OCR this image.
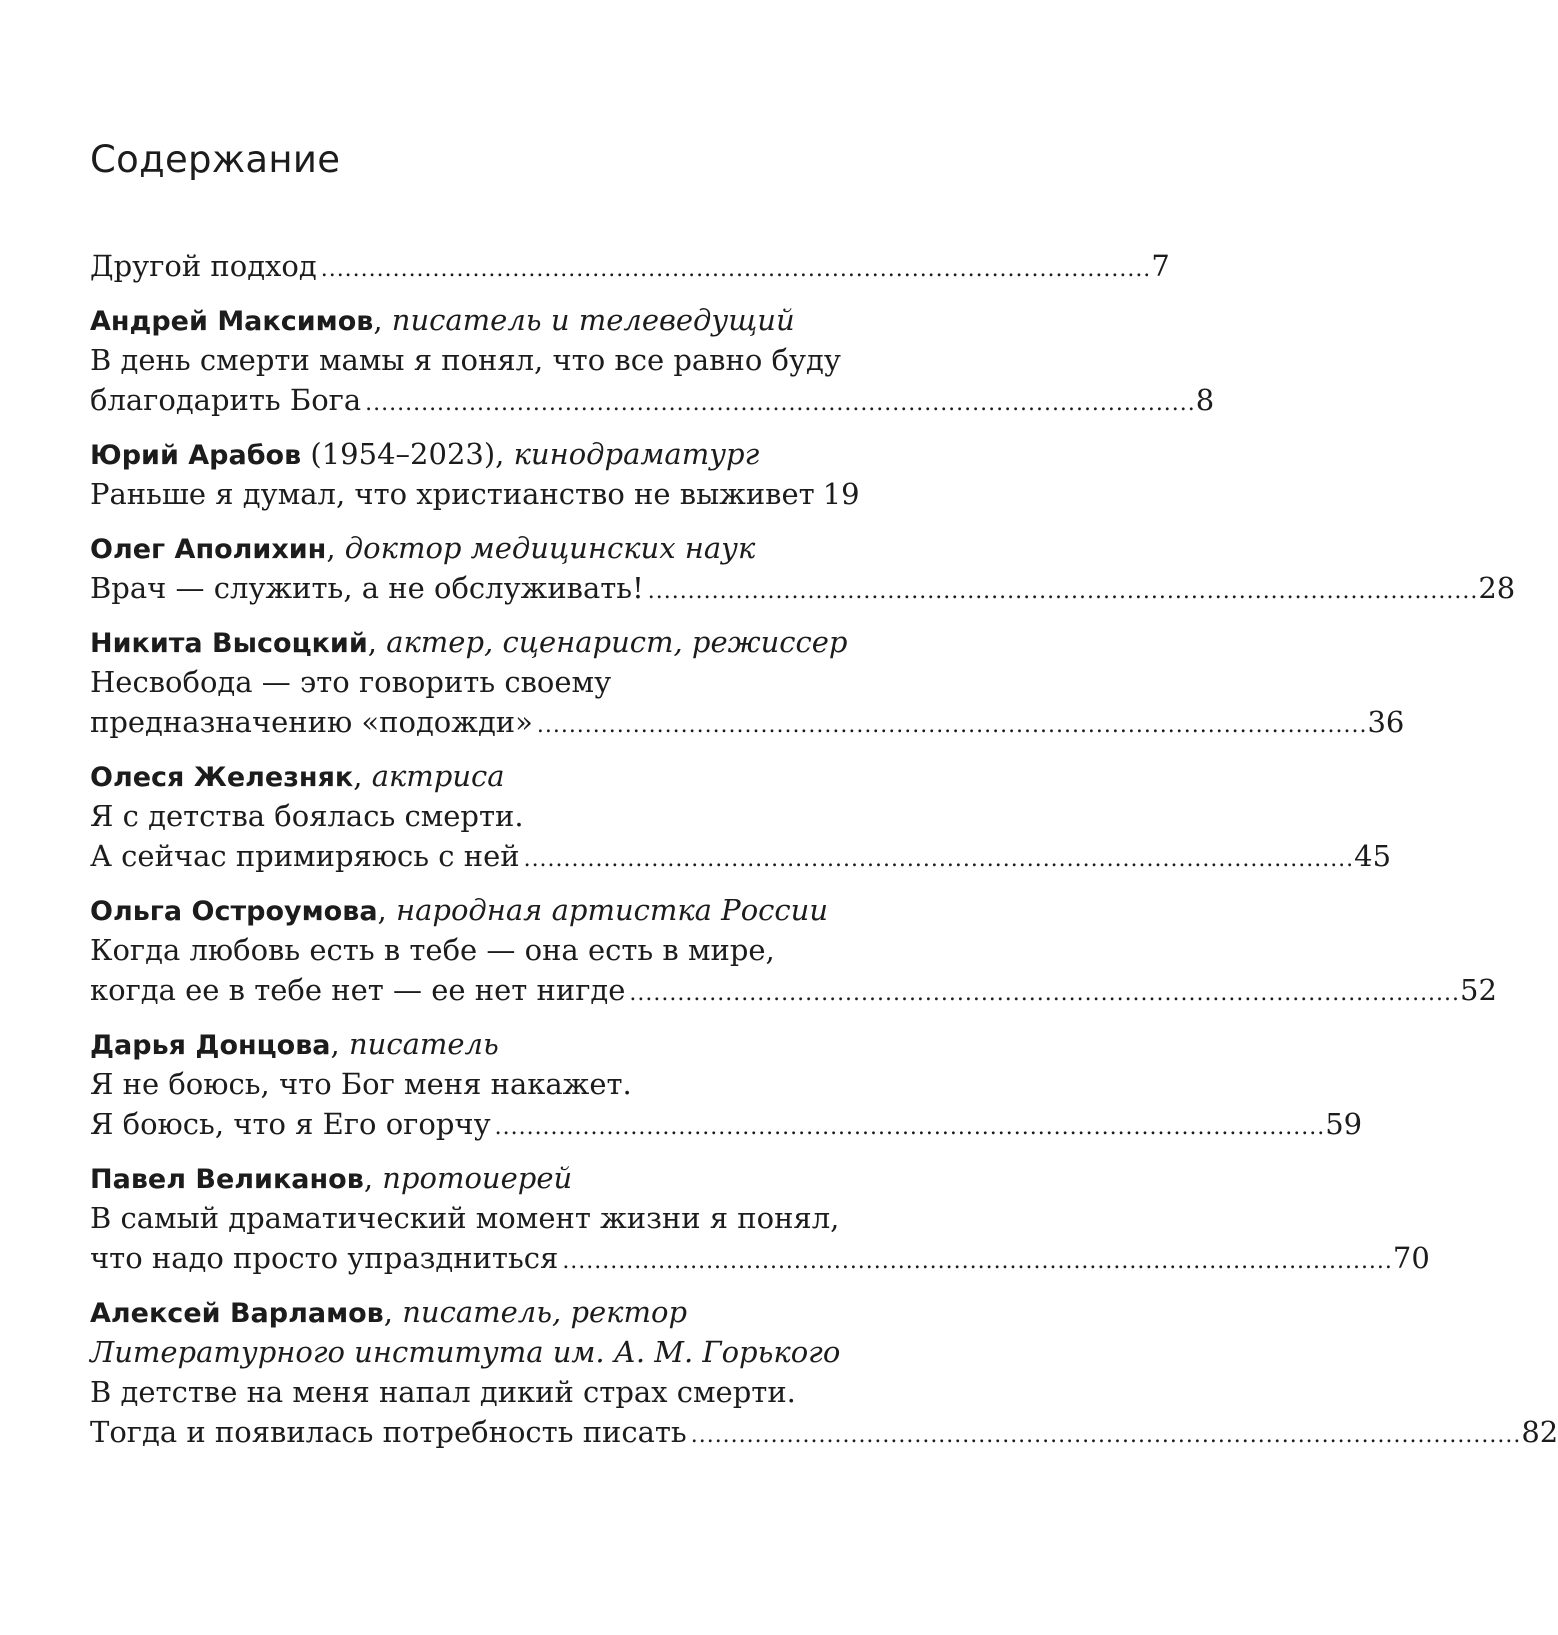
Содержание
Другой подход . . .	7
Андрей Максимов, писатель и телеведущий
В день смерти мамы я понял, что все равно буду
благодарить Бога . . .	8
Юрий Арабов (1954–2023), кинодраматург
Раньше я думал, что христианство не выживет 19
Олег Аполихин, доктор медицинских наук
Врач — служить, а не обслуживать! . . .	28
Никита Высоцкий, актер, сценарист, режиссер
Несвобода — это говорить своему
предназначению «подожди» . . .	36
Олеся Железняк, актриса
Я с детства боялась смерти.
А сейчас примиряюсь с ней . . .	45
Ольга Остроумова, народная артистка России
Когда любовь есть в тебе — она есть в мире,
когда ее в тебе нет — ее нет нигде . . .	52
Дарья Донцова, писатель
Я не боюсь, что Бог меня накажет.
Я боюсь, что я Его огорчу . . .	59
Павел Великанов, протоиерей
В самый драматический момент жизни я понял,
что надо просто упраздниться . . .	70
Алексей Варламов, писатель, ректор
Литературного института им. А. М. Горького
В детстве на меня напал дикий страх смерти.
Тогда и появилась потребность писать . . .	82
